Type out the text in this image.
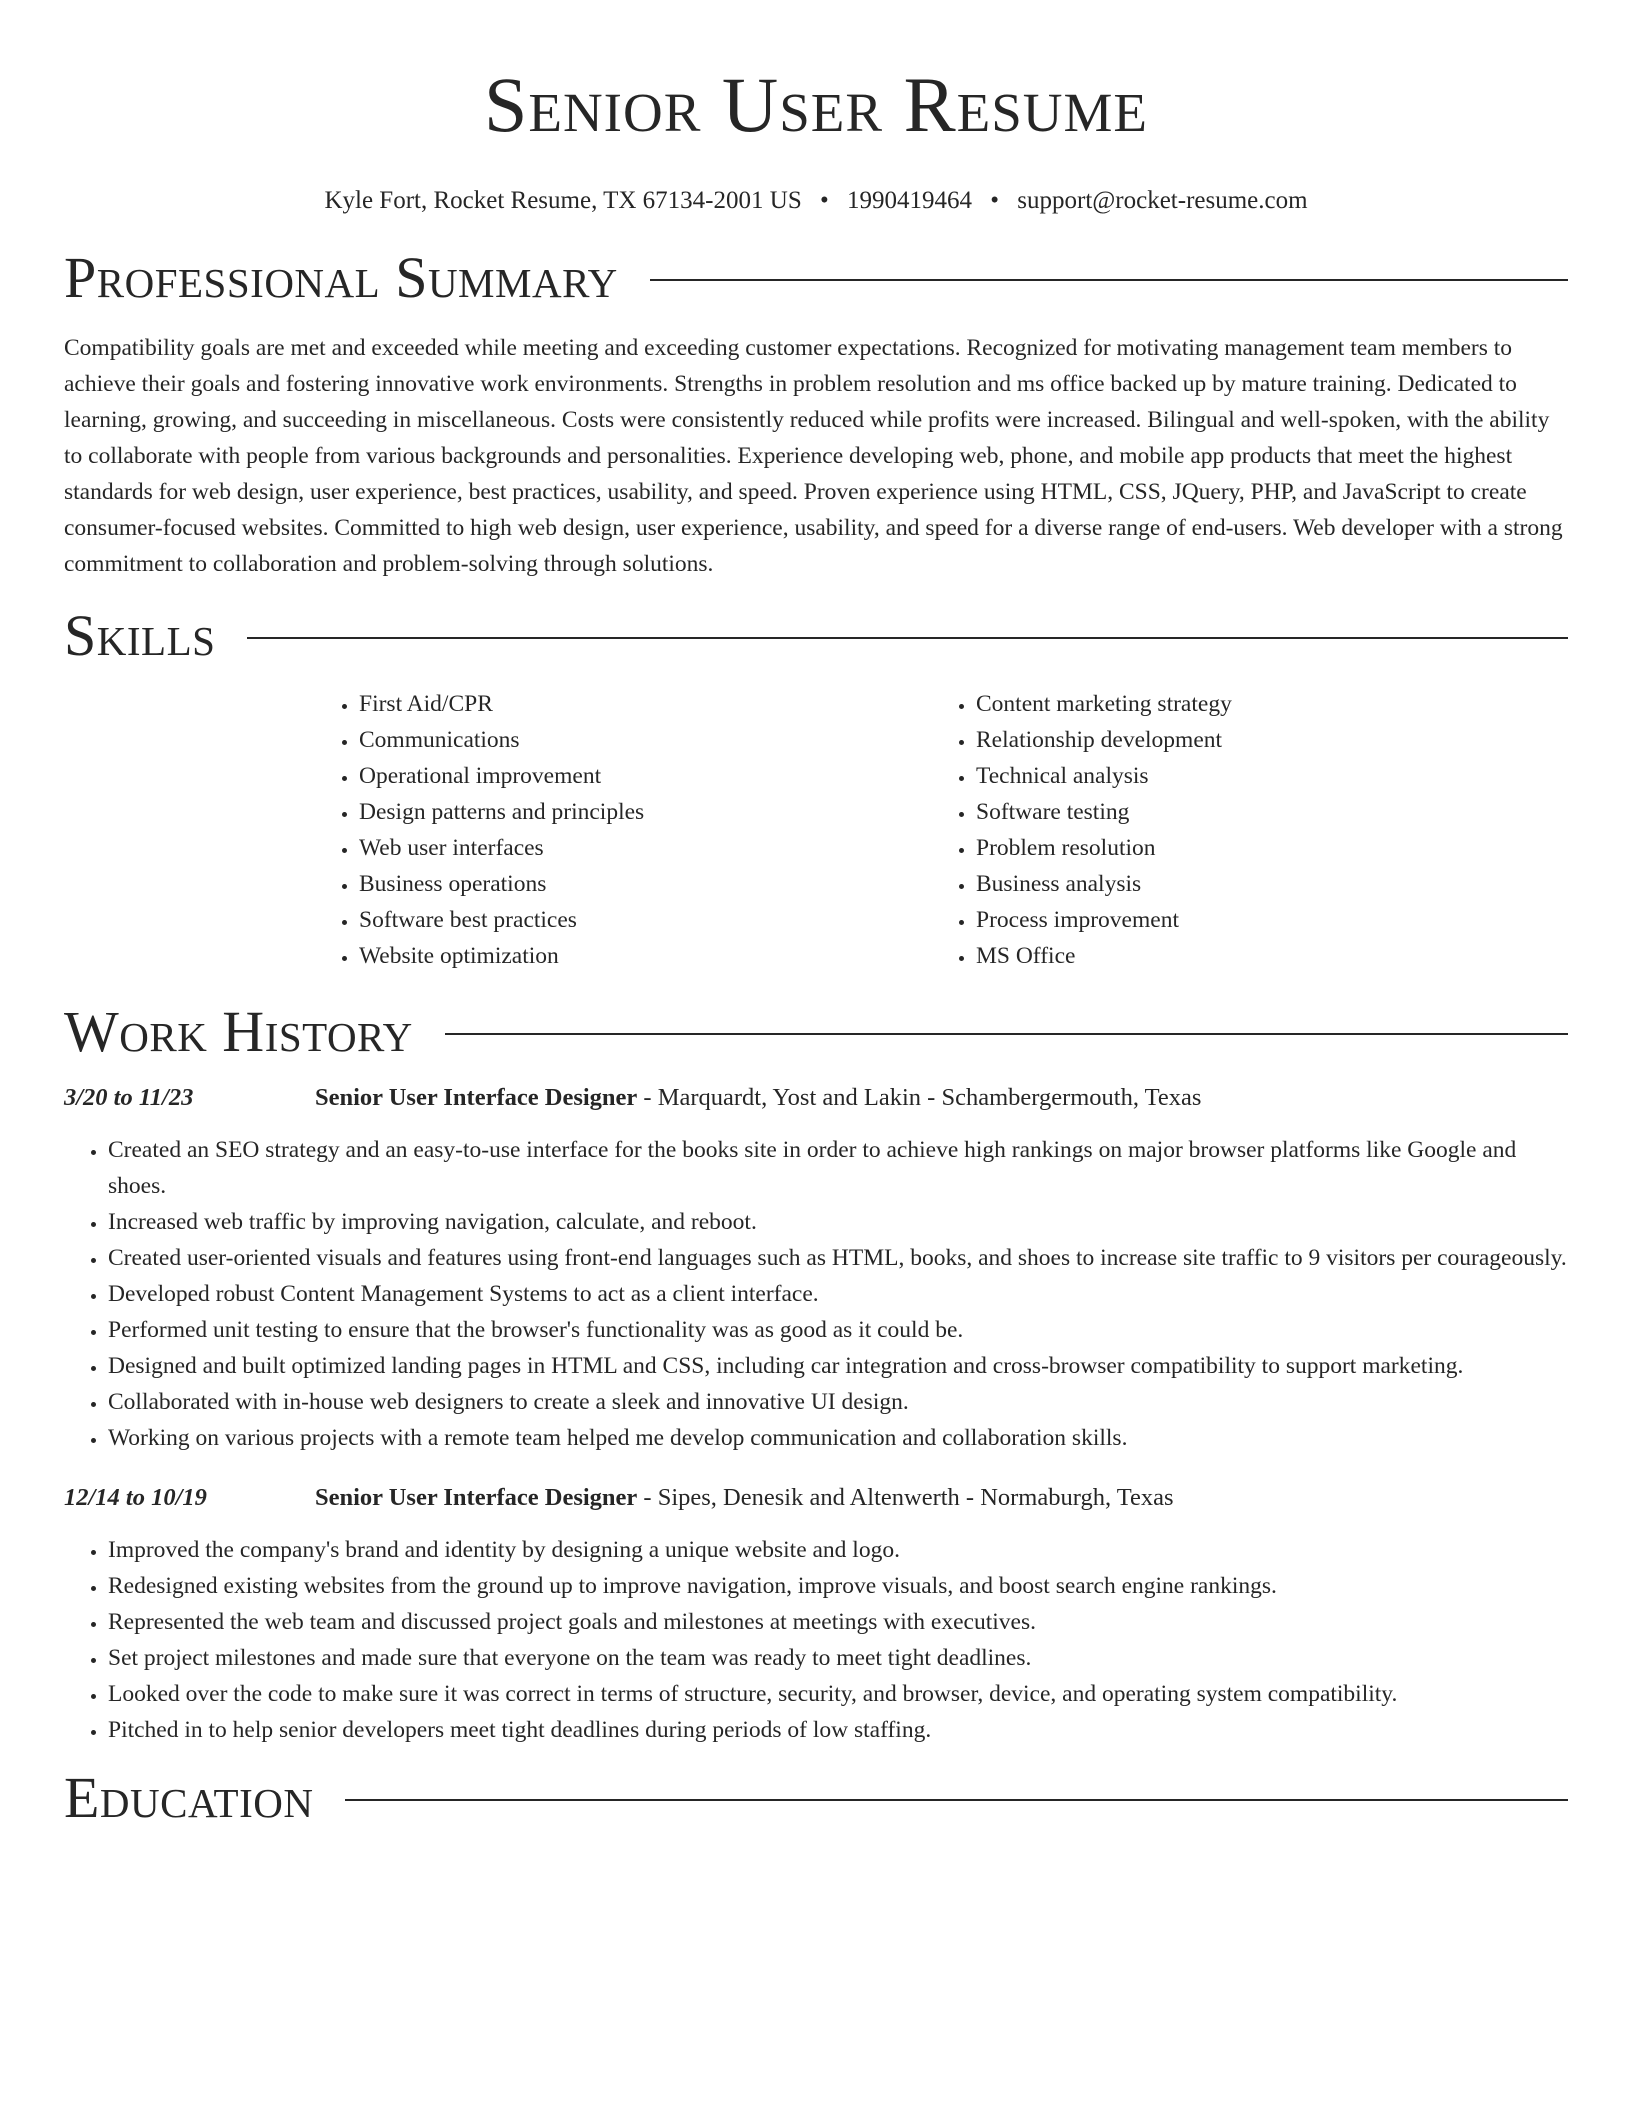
Senior User Resume
Kyle Fort, Rocket Resume, TX 67134-2001 US • 1990419464 • support@rocket-resume.com
Professional Summary

Compatibility goals are met and exceeded while meeting and exceeding customer expectations. Recognized for motivating management team members to achieve their goals and fostering innovative work environments. Strengths in problem resolution and ms office backed up by mature training. Dedicated to learning, growing, and succeeding in miscellaneous. Costs were consistently reduced while profits were increased. Bilingual and well-spoken, with the ability to collaborate with people from various backgrounds and personalities. Experience developing web, phone, and mobile app products that meet the highest standards for web design, user experience, best practices, usability, and speed. Proven experience using HTML, CSS, JQuery, PHP, and JavaScript to create consumer-focused websites. Committed to high web design, user experience, usability, and speed for a diverse range of end-users. Web developer with a strong commitment to collaboration and problem-solving through solutions.

Skills
• First Aid/CPR
• Communications
• Operational improvement
• Design patterns and principles
• Web user interfaces
• Business operations
• Software best practices
• Website optimization
• Content marketing strategy
• Relationship development
• Technical analysis
• Software testing
• Problem resolution
• Business analysis
• Process improvement
• MS Office
Work History
3/20 to 11/23	Senior User Interface Designer - Marquardt, Yost and Lakin - Schambergermouth, Texas
• Created an SEO strategy and an easy-to-use interface for the books site in order to achieve high rankings on major browser platforms like Google and shoes.
• Increased web traffic by improving navigation, calculate, and reboot.
• Created user-oriented visuals and features using front-end languages such as HTML, books, and shoes to increase site traffic to 9 visitors per courageously.
• Developed robust Content Management Systems to act as a client interface.
• Performed unit testing to ensure that the browser's functionality was as good as it could be.
• Designed and built optimized landing pages in HTML and CSS, including car integration and cross-browser compatibility to support marketing.
• Collaborated with in-house web designers to create a sleek and innovative UI design.
• Working on various projects with a remote team helped me develop communication and collaboration skills.
12/14 to 10/19	Senior User Interface Designer - Sipes, Denesik and Altenwerth - Normaburgh, Texas
• Improved the company's brand and identity by designing a unique website and logo.
• Redesigned existing websites from the ground up to improve navigation, improve visuals, and boost search engine rankings.
• Represented the web team and discussed project goals and milestones at meetings with executives.
• Set project milestones and made sure that everyone on the team was ready to meet tight deadlines.
• Looked over the code to make sure it was correct in terms of structure, security, and browser, device, and operating system compatibility.
• Pitched in to help senior developers meet tight deadlines during periods of low staffing.
Education
